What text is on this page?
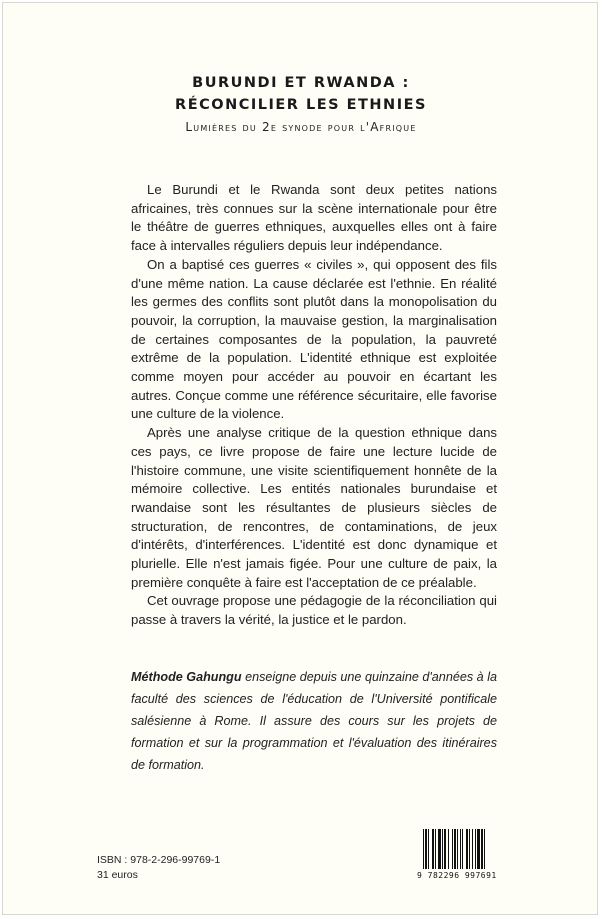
BURUNDI ET RWANDA :
RÉCONCILIER LES ETHNIES
Lumières du 2e synode pour l'Afrique

Le Burundi et le Rwanda sont deux petites nations africaines, très connues sur la scène internationale pour être le théâtre de guerres ethniques, auxquelles elles ont à faire face à intervalles réguliers depuis leur indépendance.

On a baptisé ces guerres « civiles », qui opposent des fils d'une même nation. La cause déclarée est l'ethnie. En réalité les germes des conflits sont plutôt dans la monopolisation du pouvoir, la corruption, la mauvaise gestion, la marginalisation de certaines composantes de la population, la pauvreté extrême de la population. L'identité ethnique est exploitée comme moyen pour accéder au pouvoir en écartant les autres. Conçue comme une référence sécuritaire, elle favorise une culture de la violence.

Après une analyse critique de la question ethnique dans ces pays, ce livre propose de faire une lecture lucide de l'histoire commune, une visite scientifiquement honnête de la mémoire collective. Les entités nationales burundaise et rwandaise sont les résultantes de plusieurs siècles de structuration, de rencontres, de contaminations, de jeux d'intérêts, d'interférences. L'identité est donc dynamique et plurielle. Elle n'est jamais figée. Pour une culture de paix, la première conquête à faire est l'acceptation de ce préalable.

Cet ouvrage propose une pédagogie de la réconciliation qui passe à travers la vérité, la justice et le pardon.

Méthode Gahungu enseigne depuis une quinzaine d'années à la faculté des sciences de l'éducation de l'Université pontificale salésienne à Rome. Il assure des cours sur les projets de formation et sur la programmation et l'évaluation des itinéraires de formation.
ISBN : 978-2-296-99769-1
31 euros	9 782296 997691
